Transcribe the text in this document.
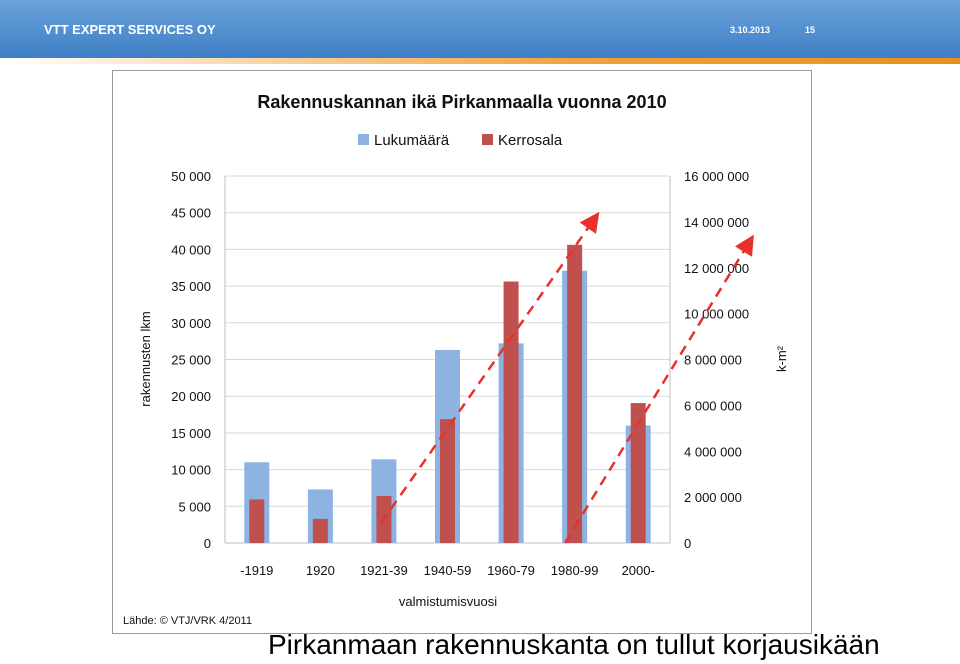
VTT EXPERT SERVICES OY	3.10.2013	15
Rakennuskannan ikä Pirkanmaalla vuonna 2010
Lukumäärä	Kerrosala
0
5 000
10 000
15 000
20 000
25 000
30 000
35 000
40 000
45 000
50 000
0
2 000 000
4 000 000
6 000 000
8 000 000
10 000 000
12 000 000
14 000 000
16 000 000
-1919 1920 1921-39 1940-59 1960-79 1980-99 2000-
rakennusten lkm	k-m²
valmistumisvuosi
Lähde: © VTJ/VRK 4/2011
Pirkanmaan rakennuskanta on tullut korjausikään
